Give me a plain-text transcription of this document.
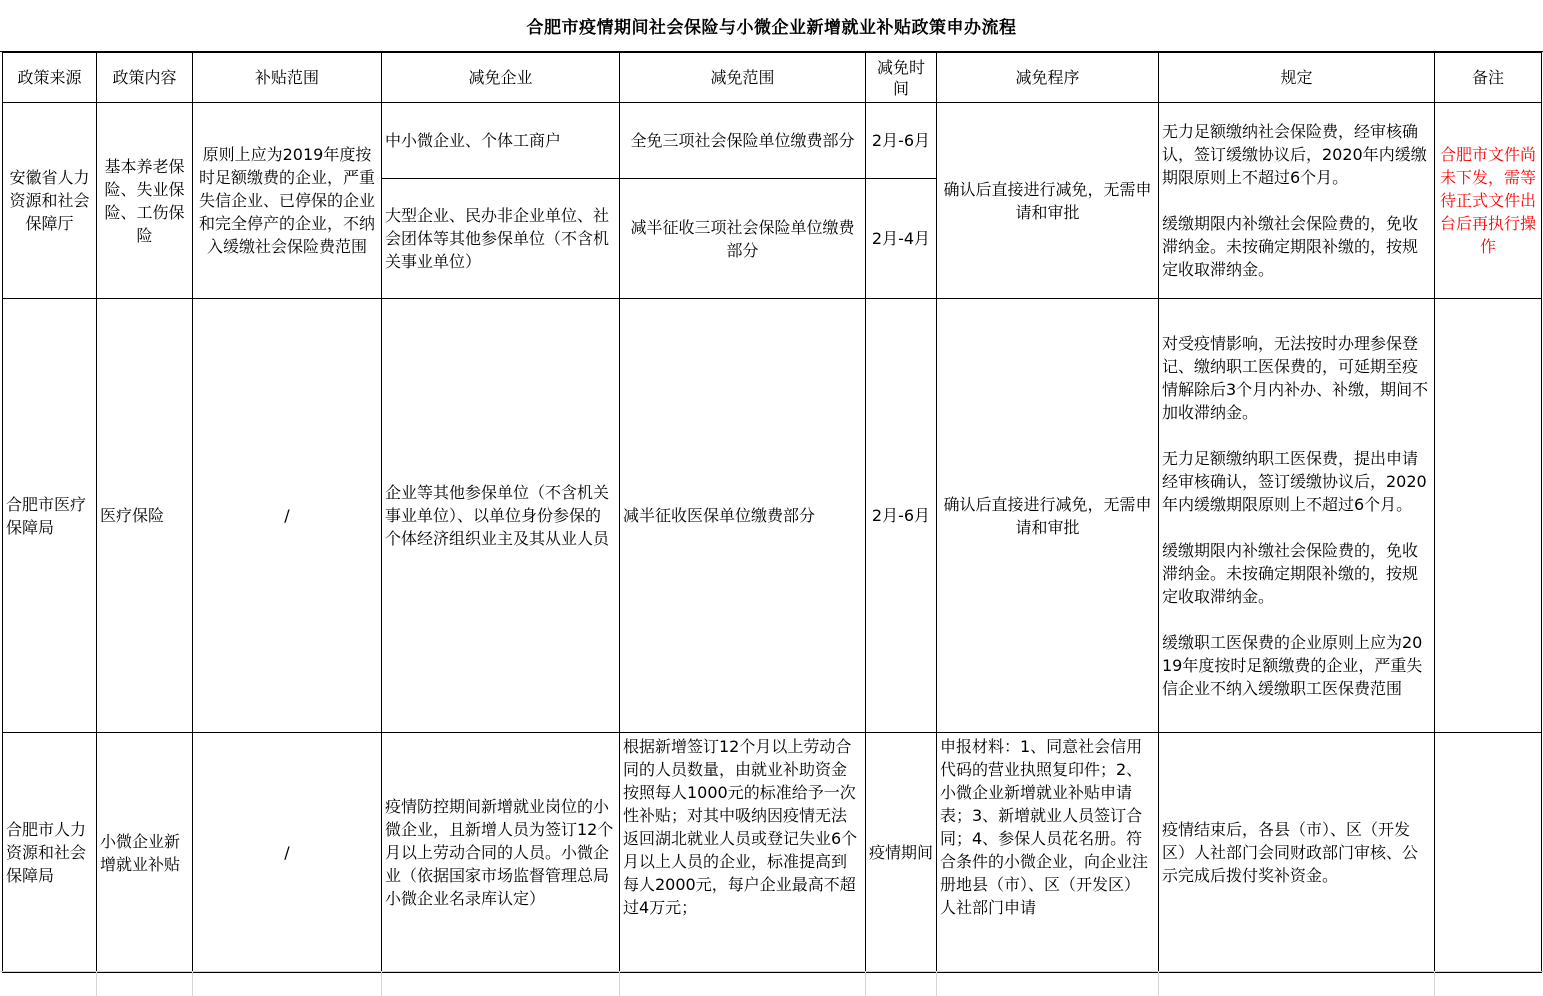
合肥市疫情期间社会保险与小微企业新增就业补贴政策申办流程
政策来源	政策内容	补贴范围	减免企业	减免范围	减免时间	减免程序	规定	备注
安徽省人力资源和社会保障厅	基本养老保险、失业保险、工伤保险	原则上应为2019年度按时足额缴费的企业，严重失信企业、已停保的企业和完全停产的企业，不纳入缓缴社会保险费范围	中小微企业、个体工商户	全免三项社会保险单位缴费部分	2月-6月	确认后直接进行减免，无需申请和审批	无力足额缴纳社会保险费，经审核确认，签订缓缴协议后，2020年内缓缴期限原则上不超过6个月。
缓缴期限内补缴社会保险费的，免收滞纳金。未按确定期限补缴的，按规定收取滞纳金。	合肥市文件尚未下发，需等待正式文件出台后再执行操作
			大型企业、民办非企业单位、社会团体等其他参保单位（不含机关事业单位）	减半征收三项社会保险单位缴费部分	2月-4月			
合肥市医疗保障局	医疗保险	/	企业等其他参保单位（不含机关事业单位）、以单位身份参保的个体经济组织业主及其从业人员	减半征收医保单位缴费部分	2月-6月	确认后直接进行减免，无需申请和审批	对受疫情影响，无法按时办理参保登记、缴纳职工医保费的，可延期至疫情解除后3个月内补办、补缴，期间不加收滞纳金。
无力足额缴纳职工医保费，提出申请经审核确认，签订缓缴协议后，2020年内缓缴期限原则上不超过6个月。
缓缴期限内补缴社会保险费的，免收滞纳金。未按确定期限补缴的，按规定收取滞纳金。
缓缴职工医保费的企业原则上应为2019年度按时足额缴费的企业，严重失信企业不纳入缓缴职工医保费范围	
合肥市人力资源和社会保障局	小微企业新增就业补贴	/	疫情防控期间新增就业岗位的小微企业，且新增人员为签订12个月以上劳动合同的人员。小微企业（依据国家市场监督管理总局小微企业名录库认定）	根据新增签订12个月以上劳动合同的人员数量，由就业补助资金按照每人1000元的标准给予一次性补贴；对其中吸纳因疫情无法返回湖北就业人员或登记失业6个月以上人员的企业，标准提高到每人2000元，每户企业最高不超过4万元；	疫情期间	申报材料：1、同意社会信用代码的营业执照复印件；2、小微企业新增就业补贴申请表；3、新增就业人员签订合同；4、参保人员花名册。符合条件的小微企业，向企业注册地县（市）、区（开发区）人社部门申请	疫情结束后，各县（市）、区（开发区）人社部门会同财政部门审核、公示完成后拨付奖补资金。	
